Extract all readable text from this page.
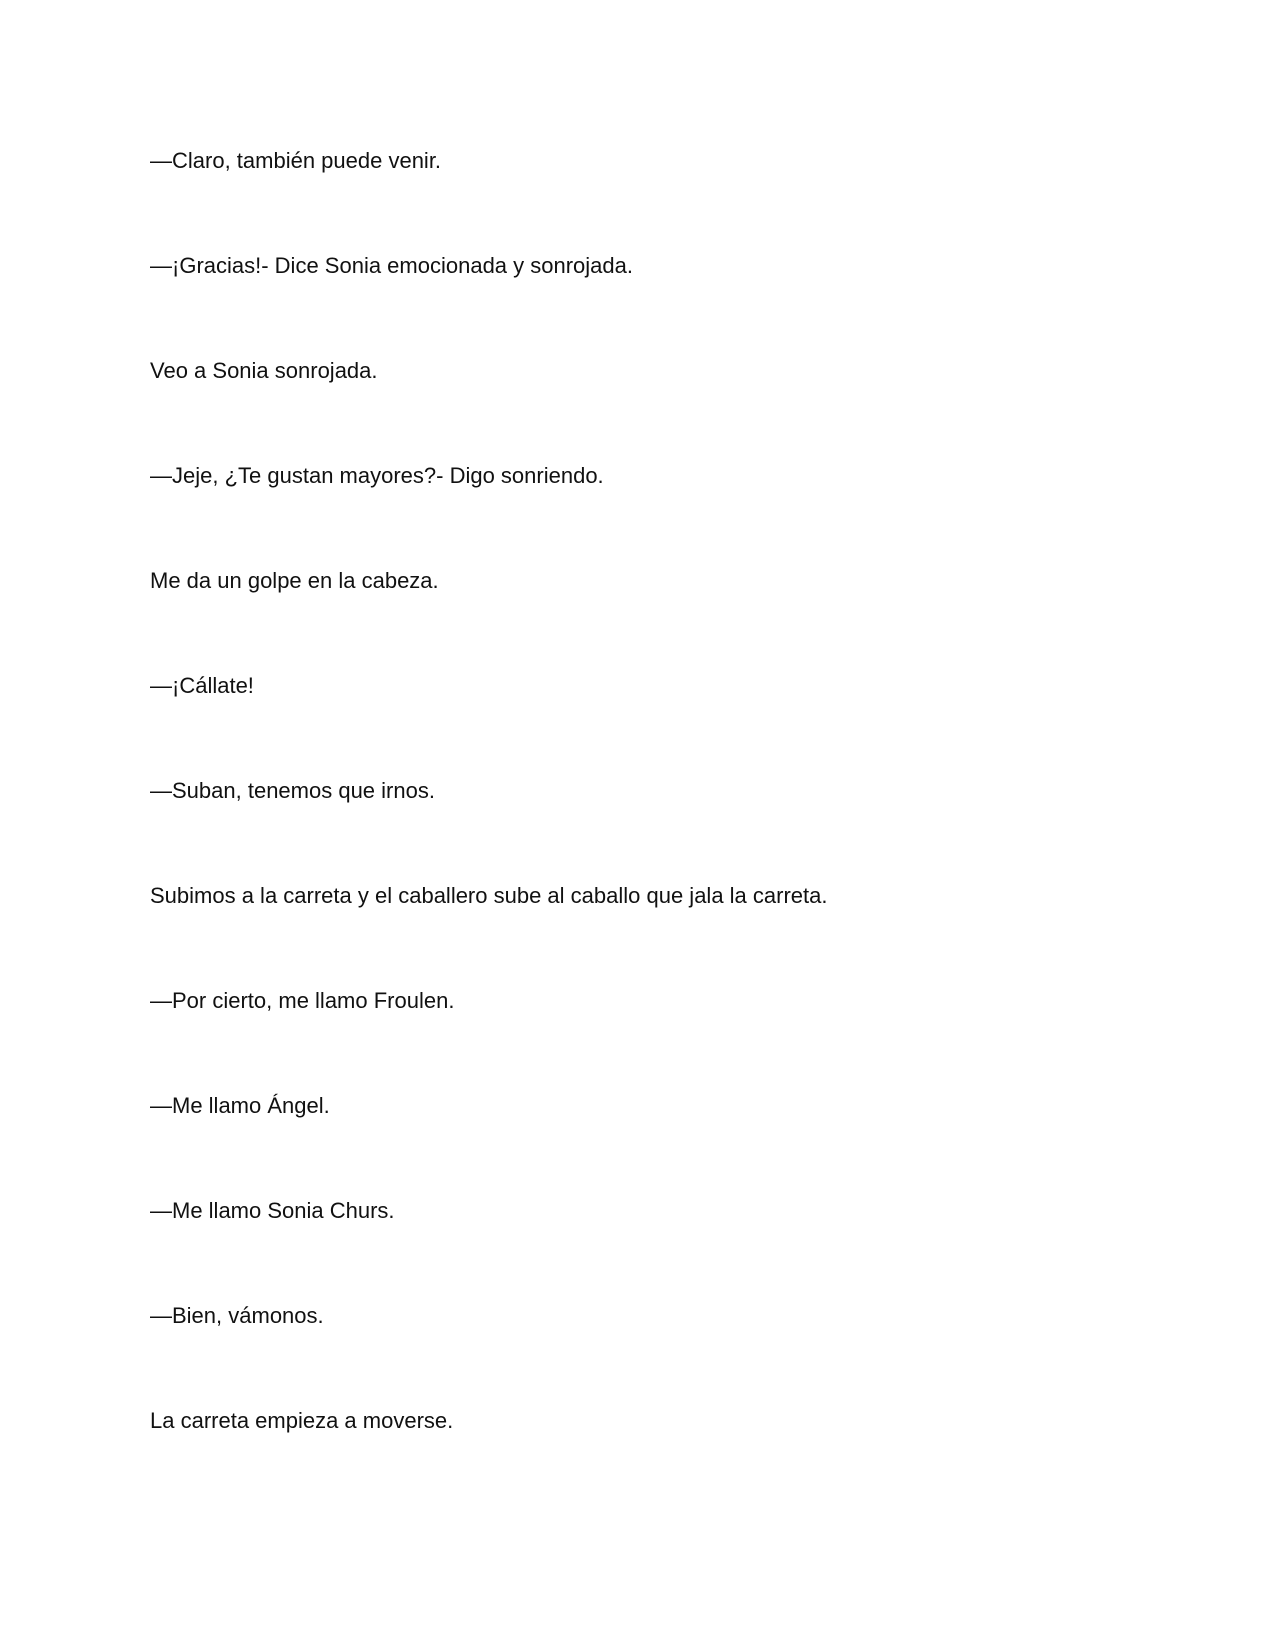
—Claro, también puede venir.

—¡Gracias!- Dice Sonia emocionada y sonrojada.

Veo a Sonia sonrojada.

—Jeje, ¿Te gustan mayores?- Digo sonriendo.

Me da un golpe en la cabeza.

—¡Cállate!

—Suban, tenemos que irnos.

Subimos a la carreta y el caballero sube al caballo que jala la carreta.

—Por cierto, me llamo Froulen.

—Me llamo Ángel.

—Me llamo Sonia Churs.

—Bien, vámonos.

La carreta empieza a moverse.
